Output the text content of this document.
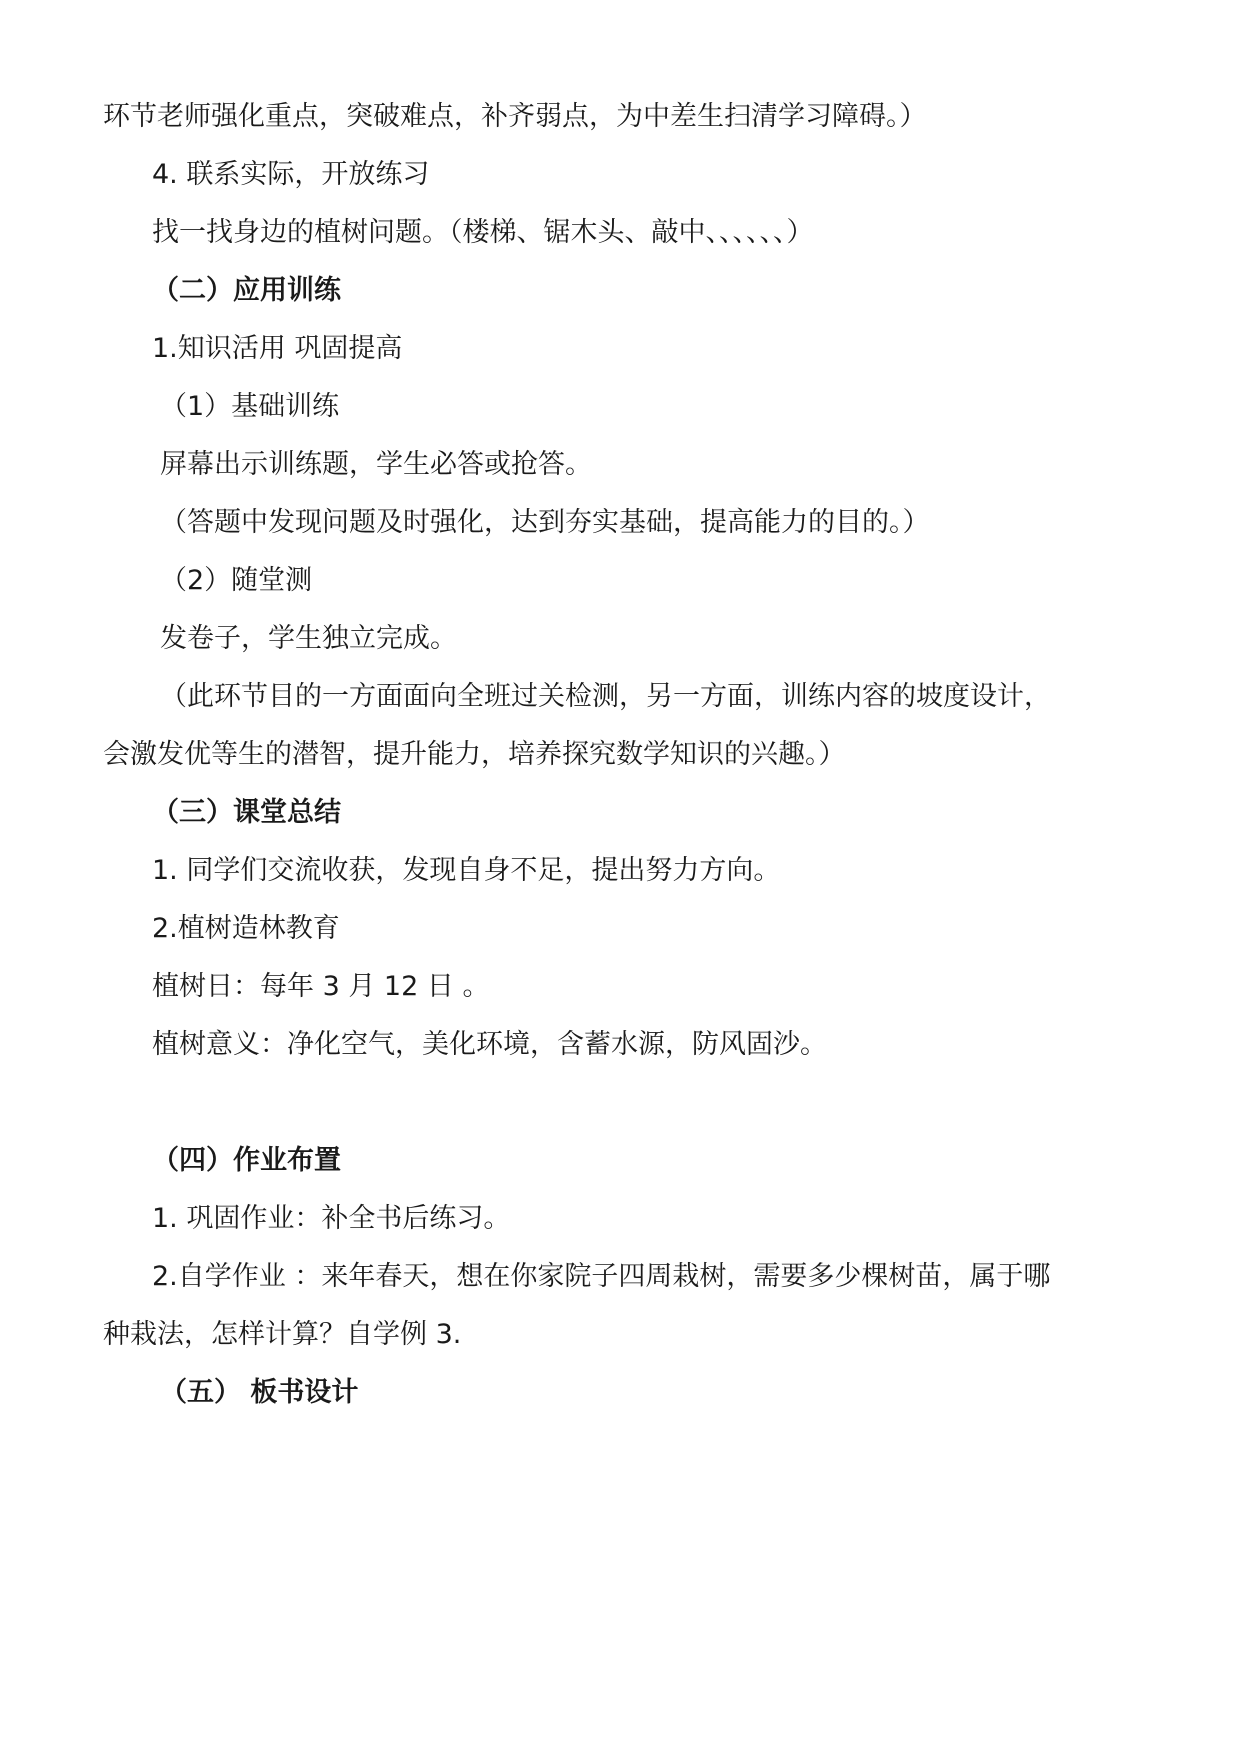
环节老师强化重点，突破难点，补齐弱点，为中差生扫清学习障碍。）
4. 联系实际，开放练习
找一找身边的植树问题。（楼梯、锯木头、敲中、、、、、、）
（二）应用训练
1.知识活用 巩固提高
（1）基础训练
屏幕出示训练题，学生必答或抢答。
（答题中发现问题及时强化，达到夯实基础，提高能力的目的。）
（2）随堂测
发卷子，学生独立完成。
（此环节目的一方面面向全班过关检测，另一方面，训练内容的坡度设计，
会激发优等生的潜智，提升能力，培养探究数学知识的兴趣。）
（三）课堂总结
1. 同学们交流收获，发现自身不足，提出努力方向。
2.植树造林教育
植树日：每年 3 月 12 日 。
植树意义：净化空气，美化环境，含蓄水源，防风固沙。
（四）作业布置
1. 巩固作业：补全书后练习。
2.自学作业 ：来年春天，想在你家院子四周栽树，需要多少棵树苗，属于哪
种栽法，怎样计算？自学例 3.
（五） 板书设计
